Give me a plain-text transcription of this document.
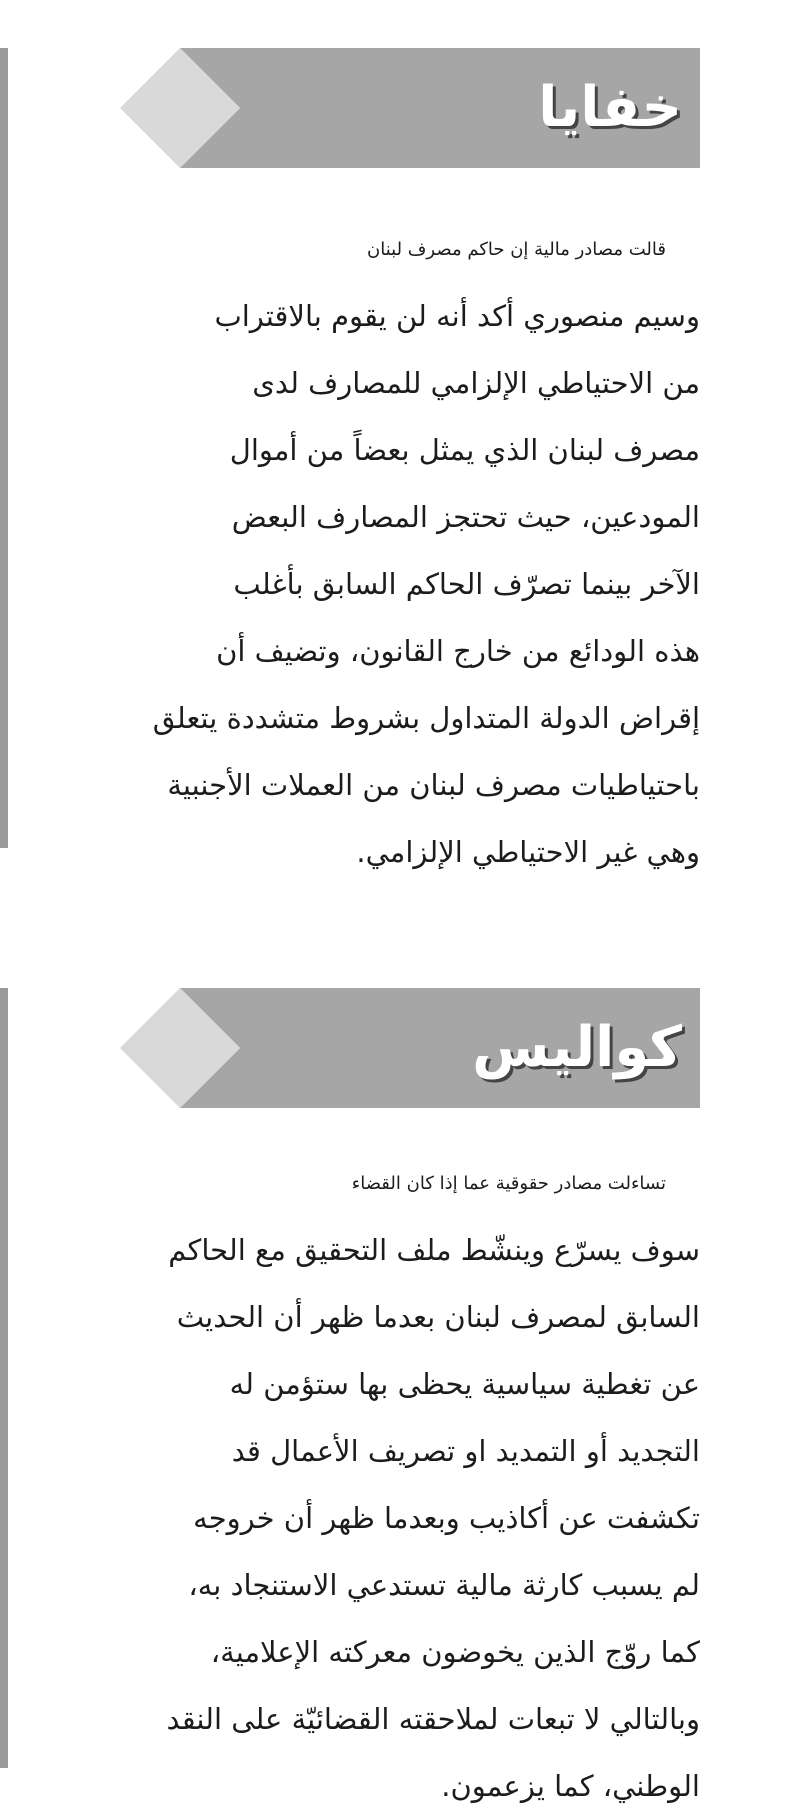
خفايا

قالت مصادر مالية إن حاكم مصرف لبنان
وسيم منصوري أكد أنه لن يقوم بالاقتراب
من الاحتياطي الإلزامي للمصارف لدى
مصرف لبنان الذي يمثل بعضاً من أموال
المودعين، حيث تحتجز المصارف البعض
الآخر بينما تصرّف الحاكم السابق بأغلب
هذه الودائع من خارج القانون، وتضيف أن
إقراض الدولة المتداول بشروط متشددة يتعلق
باحتياطيات مصرف لبنان من العملات الأجنبية
وهي غير الاحتياطي الإلزامي.

كواليس

تساءلت مصادر حقوقية عما إذا كان القضاء
سوف يسرّع وينشّط ملف التحقيق مع الحاكم
السابق لمصرف لبنان بعدما ظهر أن الحديث
عن تغطية سياسية يحظى بها ستؤمن له
التجديد أو التمديد او تصريف الأعمال قد
تكشفت عن أكاذيب وبعدما ظهر أن خروجه
لم يسبب كارثة مالية تستدعي الاستنجاد به،
كما روّج الذين يخوضون معركته الإعلامية،
وبالتالي لا تبعات لملاحقته القضائيّة على النقد
الوطني، كما يزعمون.
